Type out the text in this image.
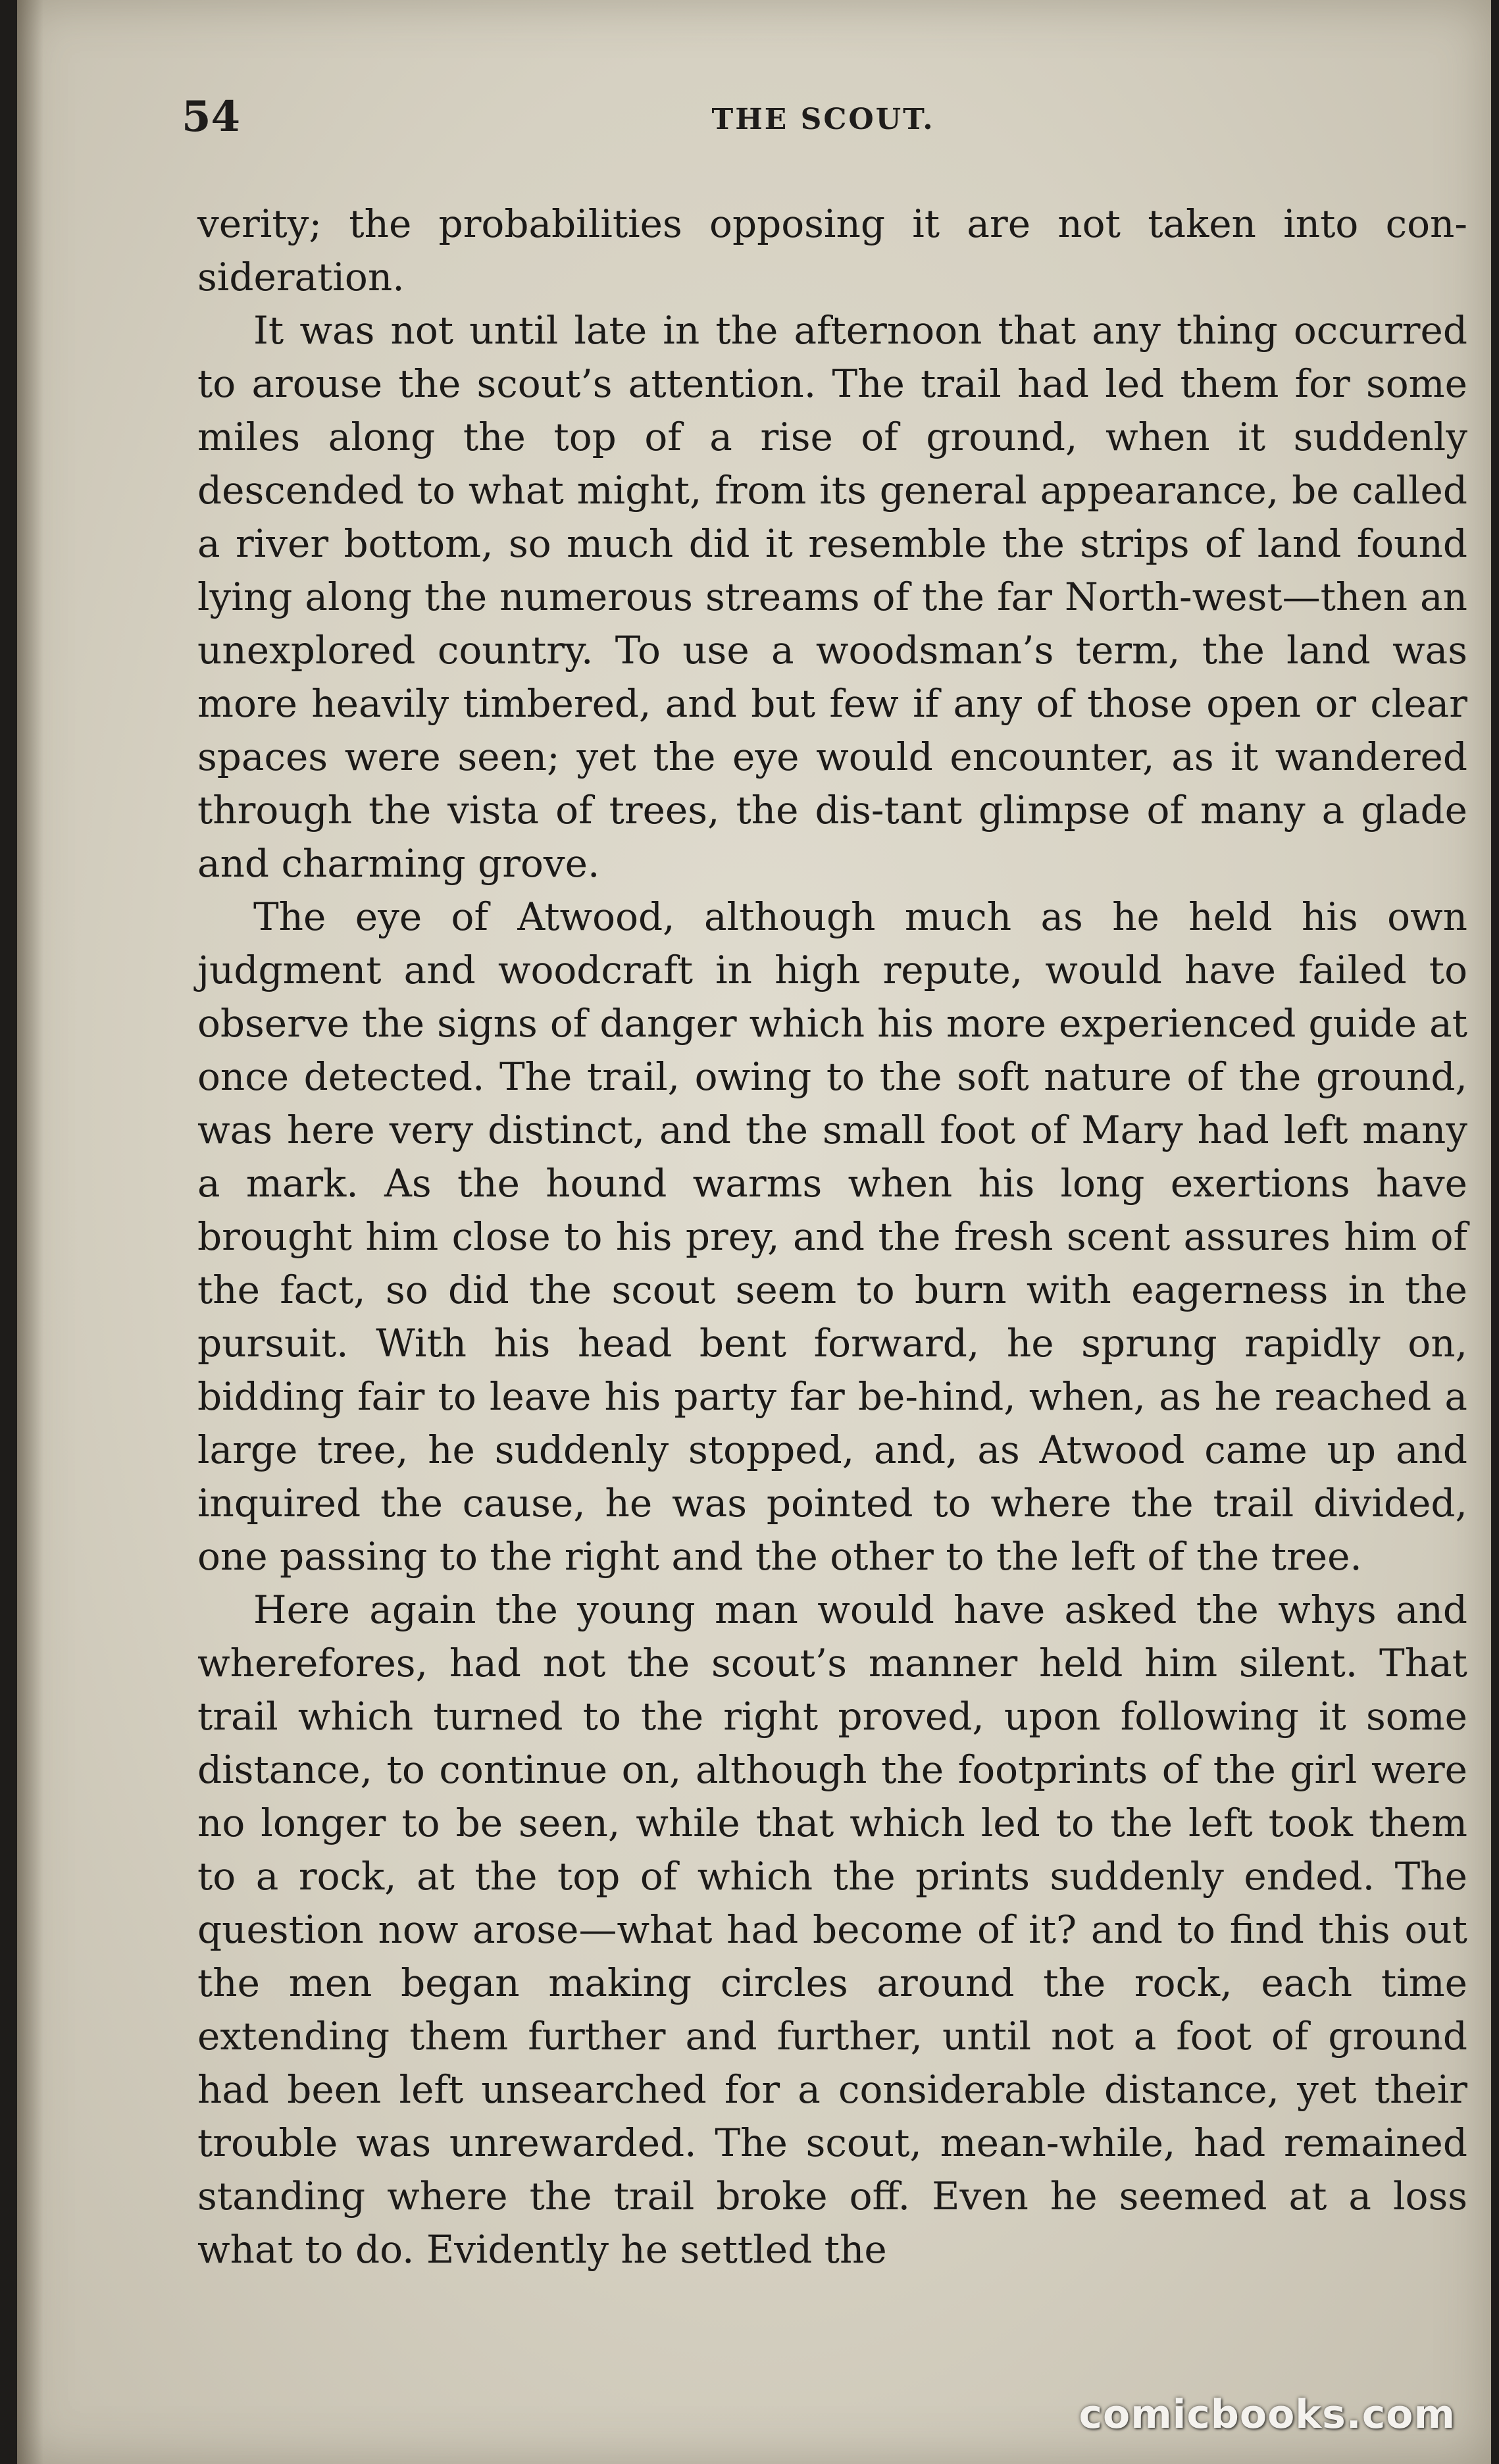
54	THE SCOUT.

verity; the probabilities opposing it are not taken into con-sideration.

It was not until late in the afternoon that any thing occurred to arouse the scout’s attention. The trail had led them for some miles along the top of a rise of ground, when it suddenly descended to what might, from its general appearance, be called a river bottom, so much did it resemble the strips of land found lying along the numerous streams of the far North-west—then an unexplored country. To use a woodsman’s term, the land was more heavily timbered, and but few if any of those open or clear spaces were seen; yet the eye would encounter, as it wandered through the vista of trees, the dis-tant glimpse of many a glade and charming grove.

The eye of Atwood, although much as he held his own judgment and woodcraft in high repute, would have failed to observe the signs of danger which his more experienced guide at once detected. The trail, owing to the soft nature of the ground, was here very distinct, and the small foot of Mary had left many a mark. As the hound warms when his long exertions have brought him close to his prey, and the fresh scent assures him of the fact, so did the scout seem to burn with eagerness in the pursuit. With his head bent forward, he sprung rapidly on, bidding fair to leave his party far be-hind, when, as he reached a large tree, he suddenly stopped, and, as Atwood came up and inquired the cause, he was pointed to where the trail divided, one passing to the right and the other to the left of the tree.

Here again the young man would have asked the whys and wherefores, had not the scout’s manner held him silent. That trail which turned to the right proved, upon following it some distance, to continue on, although the footprints of the girl were no longer to be seen, while that which led to the left took them to a rock, at the top of which the prints suddenly ended. The question now arose—what had become of it? and to find this out the men began making circles around the rock, each time extending them further and further, until not a foot of ground had been left unsearched for a considerable distance, yet their trouble was unrewarded. The scout, mean-while, had remained standing where the trail broke off. Even he seemed at a loss what to do. Evidently he settled the

comicbooks.com
